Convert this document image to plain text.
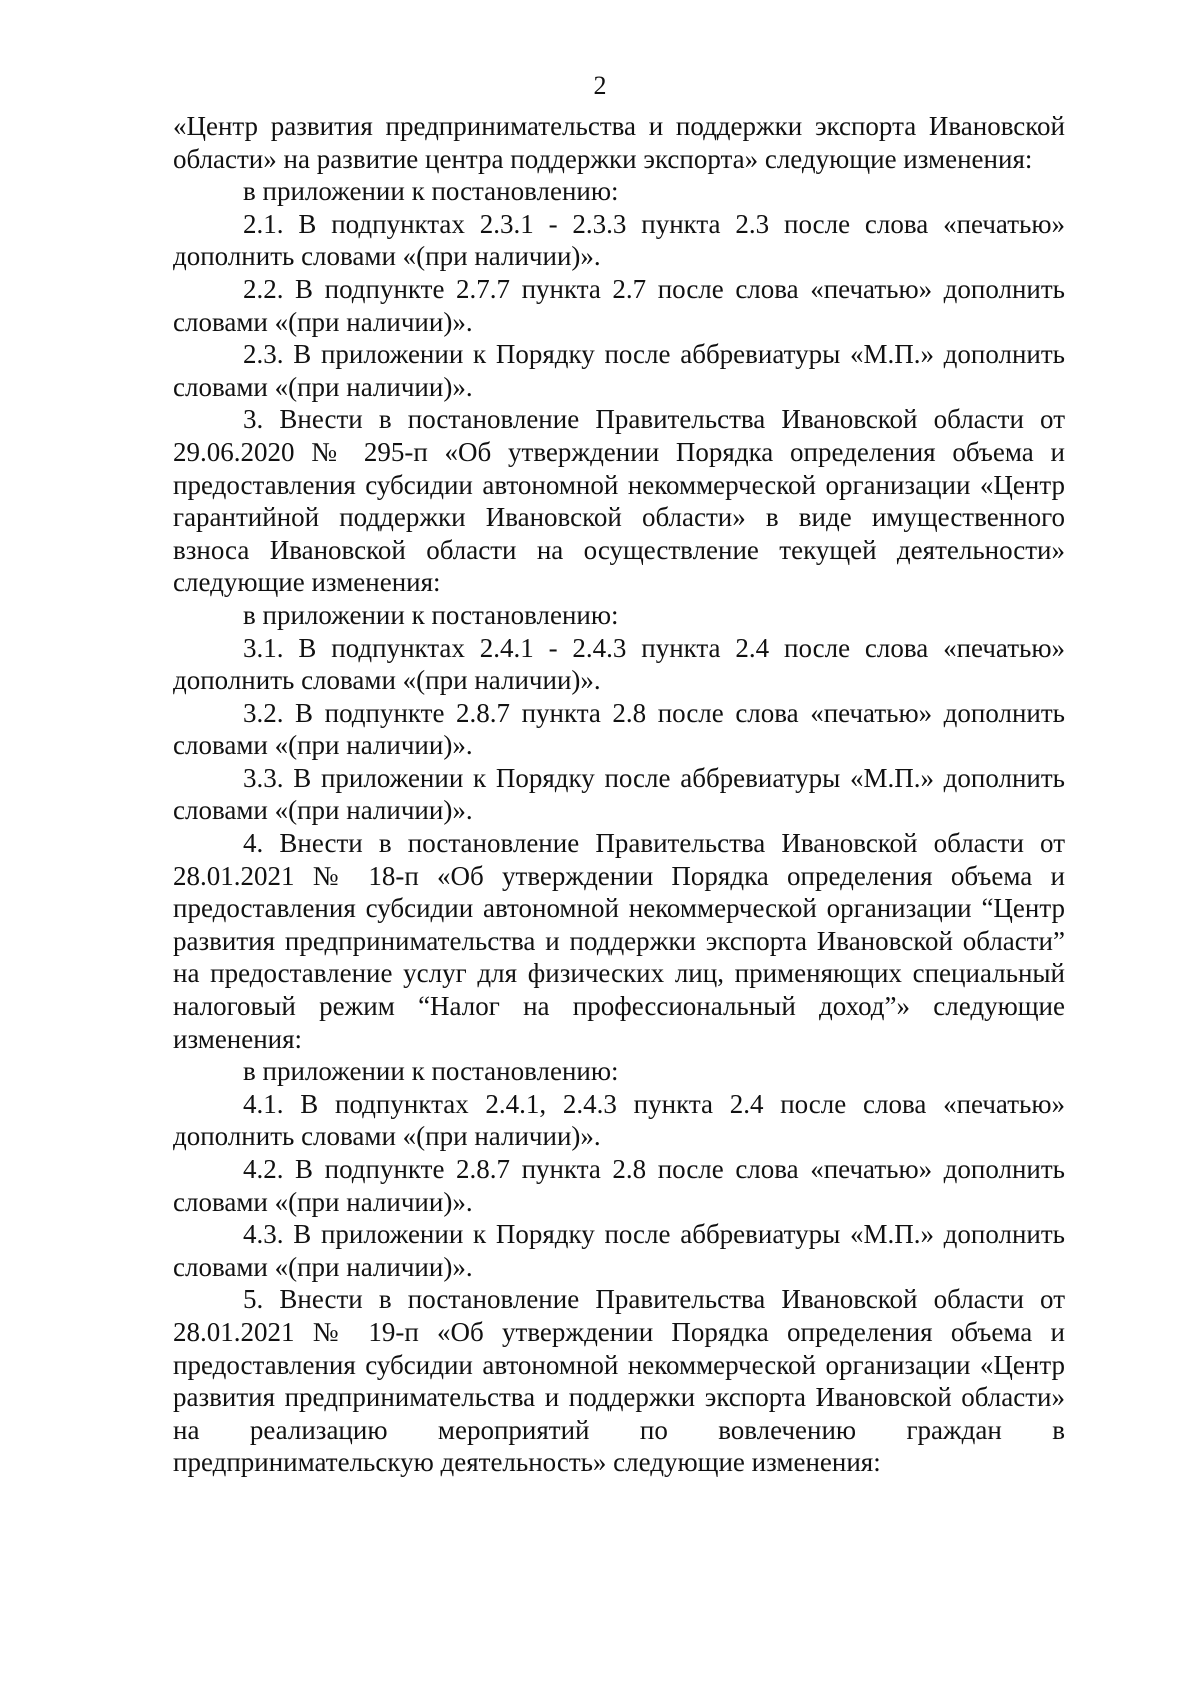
2

«Центр развития предпринимательства и поддержки экспорта Ивановской области» на развитие центра поддержки экспорта» следующие изменения:

в приложении к постановлению:

2.1. В подпунктах 2.3.1 - 2.3.3 пункта 2.3 после слова «печатью» дополнить словами «(при наличии)».

2.2. В подпункте 2.7.7 пункта 2.7 после слова «печатью» дополнить словами «(при наличии)».

2.3. В приложении к Порядку после аббревиатуры «М.П.» дополнить словами «(при наличии)».

3. Внести в постановление Правительства Ивановской области от 29.06.2020 № 295-п «Об утверждении Порядка определения объема и предоставления субсидии автономной некоммерческой организации «Центр гарантийной поддержки Ивановской области» в виде имущественного взноса Ивановской области на осуществление текущей деятельности» следующие изменения:

в приложении к постановлению:

3.1. В подпунктах 2.4.1 - 2.4.3 пункта 2.4 после слова «печатью» дополнить словами «(при наличии)».

3.2. В подпункте 2.8.7 пункта 2.8 после слова «печатью» дополнить словами «(при наличии)».

3.3. В приложении к Порядку после аббревиатуры «М.П.» дополнить словами «(при наличии)».

4. Внести в постановление Правительства Ивановской области от 28.01.2021 № 18-п «Об утверждении Порядка определения объема и предоставления субсидии автономной некоммерческой организации “Центр развития предпринимательства и поддержки экспорта Ивановской области” на предоставление услуг для физических лиц, применяющих специальный налоговый режим “Налог на профессиональный доход”» следующие изменения:

в приложении к постановлению:

4.1. В подпунктах 2.4.1, 2.4.3 пункта 2.4 после слова «печатью» дополнить словами «(при наличии)».

4.2. В подпункте 2.8.7 пункта 2.8 после слова «печатью» дополнить словами «(при наличии)».

4.3. В приложении к Порядку после аббревиатуры «М.П.» дополнить словами «(при наличии)».

5. Внести в постановление Правительства Ивановской области от 28.01.2021 № 19-п «Об утверждении Порядка определения объема и предоставления субсидии автономной некоммерческой организации «Центр развития предпринимательства и поддержки экспорта Ивановской области» на реализацию мероприятий по вовлечению граждан в предпринимательскую деятельность» следующие изменения:
